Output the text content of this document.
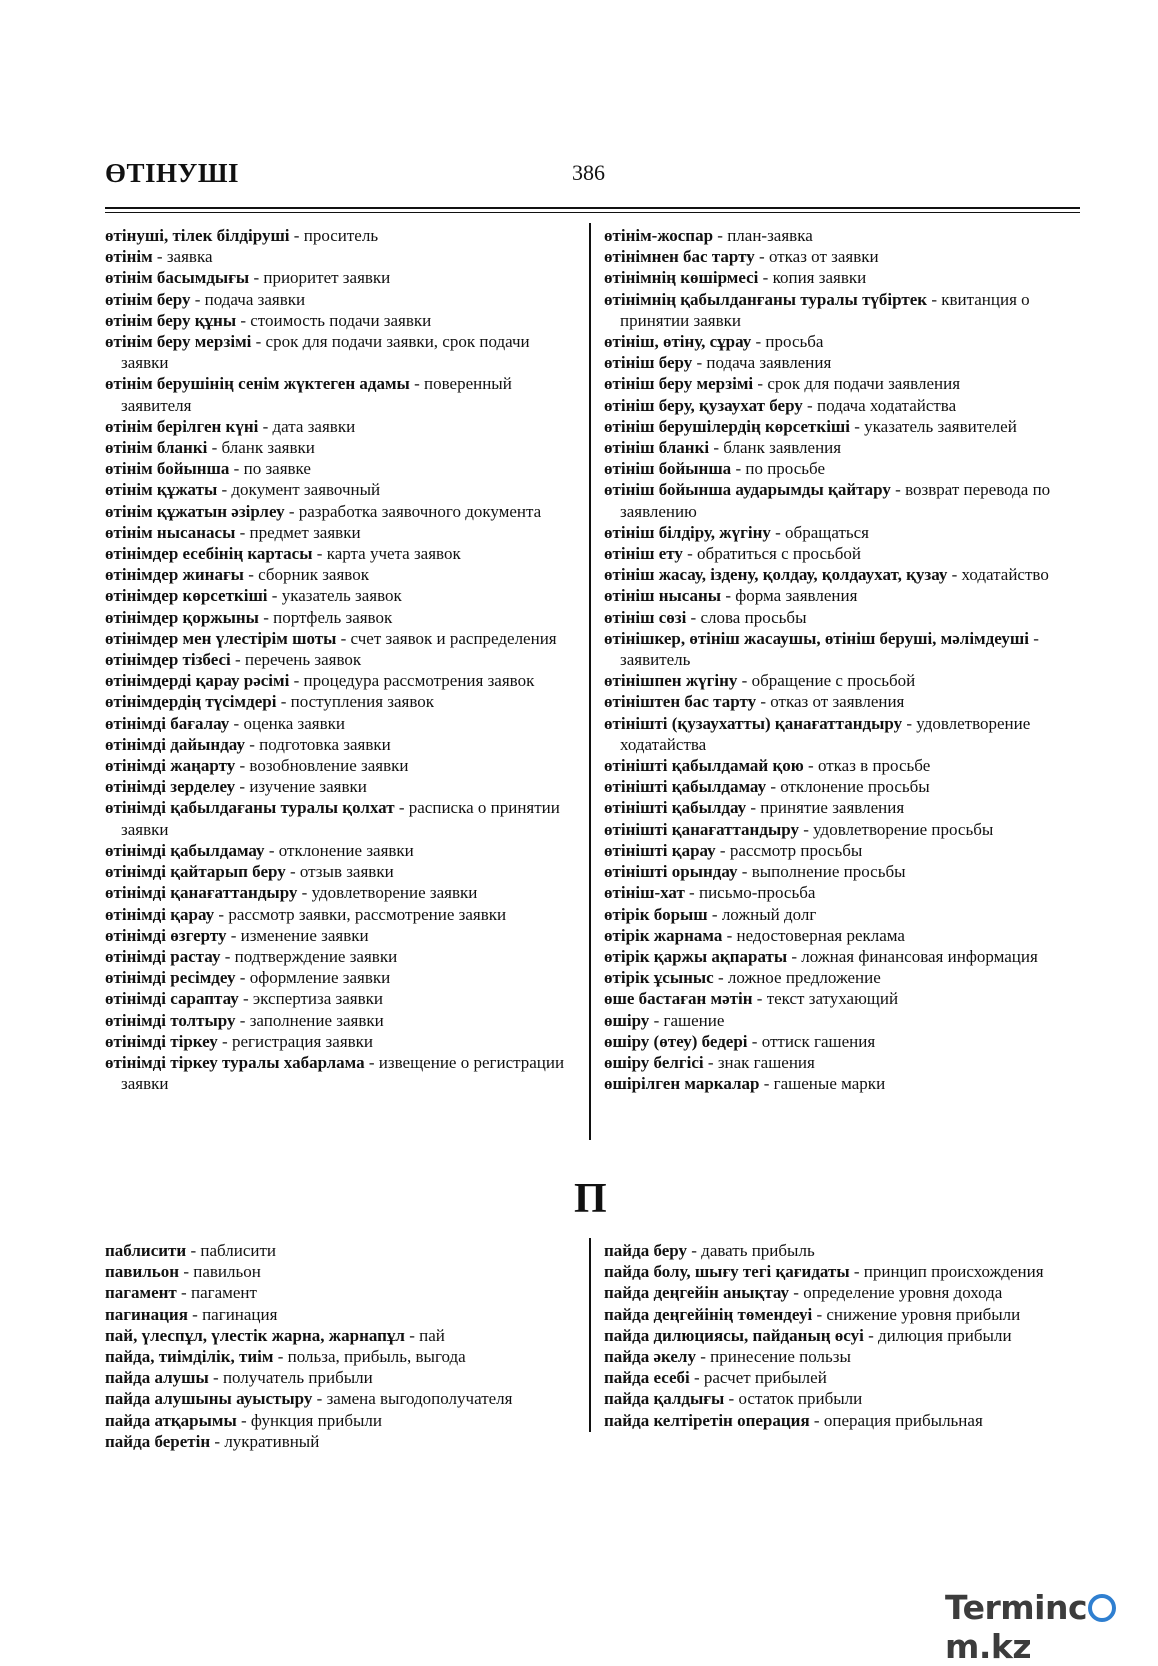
ӨТІНУШІ	386

өтінуші, тілек білдіруші - проситель

өтінім - заявка

өтінім басымдығы - приоритет заявки

өтінім беру - подача заявки

өтінім беру құны - стоимость подачи заявки

өтінім беру мерзімі - срок для подачи заявки, срок подачи заявки

өтінім берушінің сенім жүктеген адамы - поверенный заявителя

өтінім берілген күні - дата заявки

өтінім бланкі - бланк заявки

өтінім бойынша - по заявке

өтінім құжаты - документ заявочный

өтінім құжатын әзірлеу - разработка заявочного документа

өтінім нысанасы - предмет заявки

өтінімдер есебінің картасы - карта учета заявок

өтінімдер жинағы - сборник заявок

өтінімдер көрсеткіші - указатель заявок

өтінімдер қоржыны - портфель заявок

өтінімдер мен үлестірім шоты - счет заявок и распределения

өтінімдер тізбесі - перечень заявок

өтінімдерді қарау рәсімі - процедура рассмотрения заявок

өтінімдердің түсімдері - поступления заявок

өтінімді бағалау - оценка заявки

өтінімді дайындау - подготовка заявки

өтінімді жаңарту - возобновление заявки

өтінімді зерделеу - изучение заявки

өтінімді қабылдағаны туралы қолхат - расписка о принятии заявки

өтінімді қабылдамау - отклонение заявки

өтінімді қайтарып беру - отзыв заявки

өтінімді қанағаттандыру - удовлетворение заявки

өтінімді қарау - рассмотр заявки, рассмотрение заявки

өтінімді өзгерту - изменение заявки

өтінімді растау - подтверждение заявки

өтінімді ресімдеу - оформление заявки

өтінімді сараптау - экспертиза заявки

өтінімді толтыру - заполнение заявки

өтінімді тіркеу - регистрация заявки

өтінімді тіркеу туралы хабарлама - извещение о регистрации заявки

өтінім-жоспар - план-заявка

өтінімнен бас тарту - отказ от заявки

өтінімнің көшірмесі - копия заявки

өтінімнің қабылданғаны туралы түбіртек - квитанция о принятии заявки

өтініш, өтіну, сұрау - просьба

өтініш беру - подача заявления

өтініш беру мерзімі - срок для подачи заявления

өтініш беру, қузаухат беру - подача ходатайства

өтініш берушілердің көрсеткіші - указатель заявителей

өтініш бланкі - бланк заявления

өтініш бойынша - по просьбе

өтініш бойынша аударымды қайтару - возврат перевода по заявлению

өтініш білдіру, жүгіну - обращаться

өтініш ету - обратиться с просьбой

өтініш жасау, іздену, қолдау, қолдаухат, қузау - ходатайство

өтініш нысаны - форма заявления

өтініш сөзі - слова просьбы

өтінішкер, өтініш жасаушы, өтініш беруші, мәлімдеуші - заявитель

өтінішпен жүгіну - обращение с просьбой

өтініштен бас тарту - отказ от заявления

өтінішті (қузаухатты) қанағаттандыру - удовлетворение ходатайства

өтінішті қабылдамай қою - отказ в просьбе

өтінішті қабылдамау - отклонение просьбы

өтінішті қабылдау - принятие заявления

өтінішті қанағаттандыру - удовлетворение просьбы

өтінішті қарау - рассмотр просьбы

өтінішті орындау - выполнение просьбы

өтініш-хат - письмо-просьба

өтірік борыш - ложный долг

өтірік жарнама - недостоверная реклама

өтірік қаржы ақпараты - ложная финансовая информация

өтірік ұсыныс - ложное предложение

өше бастаған мәтін - текст затухающий

өшіру - гашение

өшіру (өтеу) бедері - оттиск гашения

өшіру белгісі - знак гашения

өшірілген маркалар - гашеные марки

П

паблисити - паблисити

павильон - павильон

пагамент - пагамент

пагинация - пагинация

пай, үлеспұл, үлестік жарна, жарнапұл - пай

пайда, тиімділік, тиім - польза, прибыль, выгода

пайда алушы - получатель прибыли

пайда алушыны ауыстыру - замена выгодополучателя

пайда атқарымы - функция прибыли

пайда беретін - лукративный

пайда беру - давать прибыль

пайда болу, шығу тегі қағидаты - принцип происхождения

пайда деңгейін анықтау - определение уровня дохода

пайда деңгейінің төмендеуі - снижение уровня прибыли

пайда дилюциясы, пайданың өсуі - дилюция прибыли

пайда әкелу - принесение пользы

пайда есебі - расчет прибылей

пайда қалдығы - остаток прибыли

пайда келтіретін операция - операция прибыльная

Termincm.kz
